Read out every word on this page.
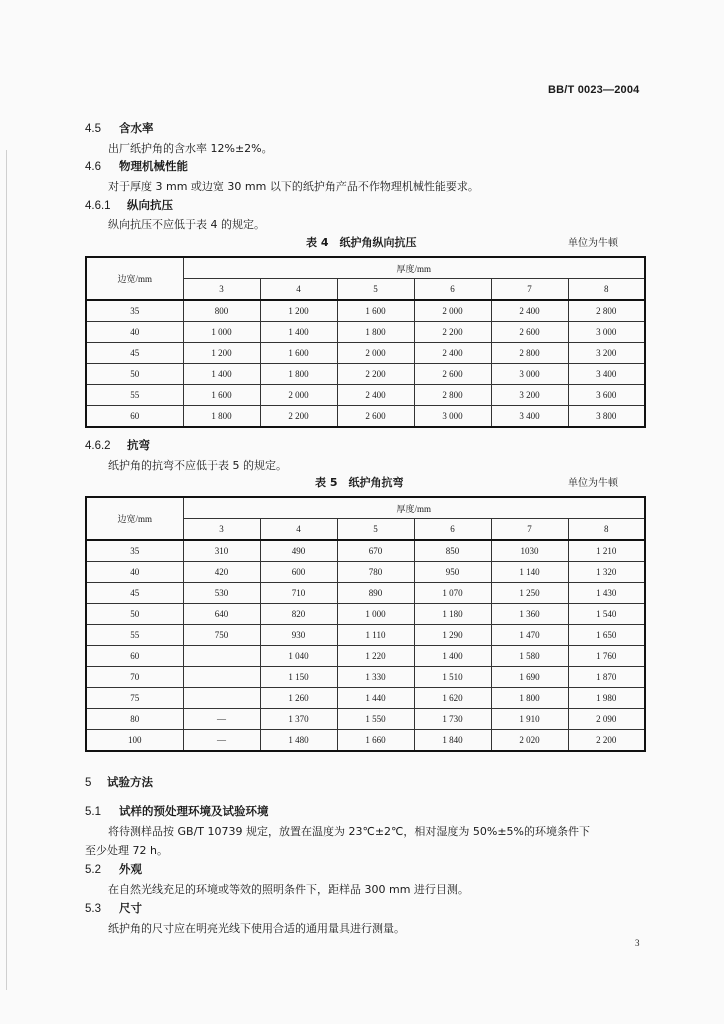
BB/T 0023—2004
4.5 含水率
出厂纸护角的含水率 12%±2%。
4.6 物理机械性能
对于厚度 3 mm 或边宽 30 mm 以下的纸护角产品不作物理机械性能要求。
4.6.1 纵向抗压
纵向抗压不应低于表 4 的规定。
表 4　纸护角纵向抗压	单位为牛顿
边宽/mm	厚度/mm					
	3	4	5	6	7	8
35	800	1 200	1 600	2 000	2 400	2 800
40	1 000	1 400	1 800	2 200	2 600	3 000
45	1 200	1 600	2 000	2 400	2 800	3 200
50	1 400	1 800	2 200	2 600	3 000	3 400
55	1 600	2 000	2 400	2 800	3 200	3 600
60	1 800	2 200	2 600	3 000	3 400	3 800
4.6.2 抗弯
纸护角的抗弯不应低于表 5 的规定。
表 5　纸护角抗弯	单位为牛顿
边宽/mm	厚度/mm					
	3	4	5	6	7	8
35	310	490	670	850	1030	1 210
40	420	600	780	950	1 140	1 320
45	530	710	890	1 070	1 250	1 430
50	640	820	1 000	1 180	1 360	1 540
55	750	930	1 110	1 290	1 470	1 650
60		1 040	1 220	1 400	1 580	1 760
70		1 150	1 330	1 510	1 690	1 870
75		1 260	1 440	1 620	1 800	1 980
80	—	1 370	1 550	1 730	1 910	2 090
100	—	1 480	1 660	1 840	2 020	2 200
5 试验方法
5.1 试样的预处理环境及试验环境
将待测样品按 GB/T 10739 规定，放置在温度为 23℃±2℃，相对湿度为 50%±5%的环境条件下
至少处理 72 h。
5.2 外观
在自然光线充足的环境或等效的照明条件下，距样品 300 mm 进行目测。
5.3 尺寸
纸护角的尺寸应在明亮光线下使用合适的通用量具进行测量。
3
